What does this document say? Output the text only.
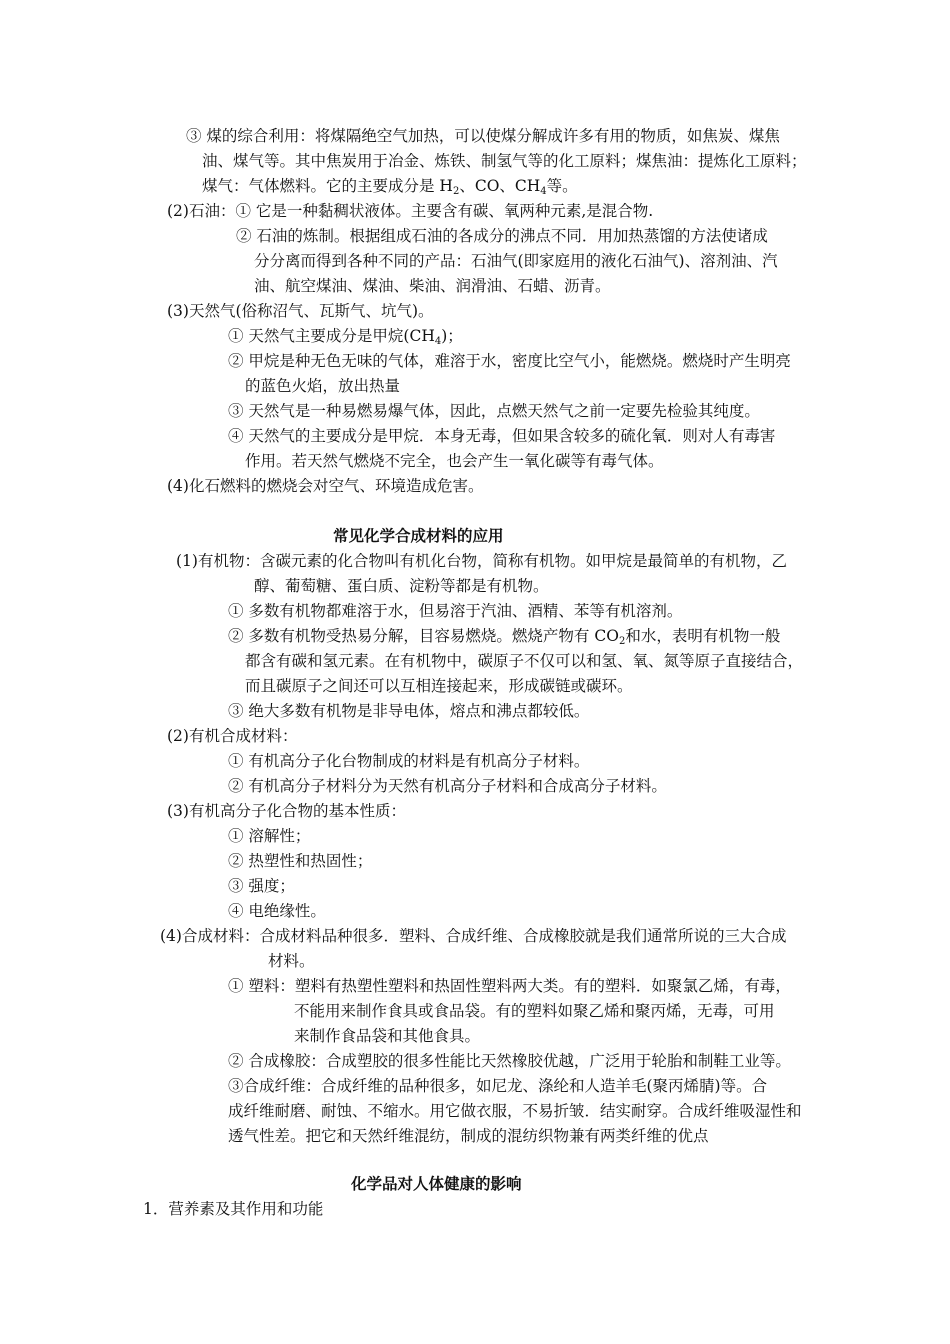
③ 煤的综合利用：将煤隔绝空气加热，可以使煤分解成许多有用的物质，如焦炭、煤焦
油、煤气等。其中焦炭用于冶金、炼铁、制氢气等的化工原料；煤焦油：提炼化工原料；
煤气：气体燃料。它的主要成分是 $H_2$、CO、$CH_4$等。
(2)石油：① 它是一种黏稠状液体。主要含有碳、氧两种元素,是混合物.
② 石油的炼制。根据组成石油的各成分的沸点不同．用加热蒸馏的方法使诸成
分分离而得到各种不同的产品：石油气(即家庭用的液化石油气)、溶剂油、汽
油、航空煤油、煤油、柴油、润滑油、石蜡、沥青。
(3)天然气(俗称沼气、瓦斯气、坑气)。
① 天然气主要成分是甲烷$(CH_4)$；
② 甲烷是种无色无味的气体，难溶于水，密度比空气小，能燃烧。燃烧时产生明亮
的蓝色火焰，放出热量
③ 天然气是一种易燃易爆气体，因此，点燃天然气之前一定要先检验其纯度。
④ 天然气的主要成分是甲烷．本身无毒，但如果含较多的硫化氧．则对人有毒害
作用。若天然气燃烧不完全，也会产生一氧化碳等有毒气体。
(4)化石燃料的燃烧会对空气、环境造成危害。
常见化学合成材料的应用
(1)有机物：含碳元素的化合物叫有机化台物，简称有机物。如甲烷是最简单的有机物，乙
醇、葡萄糖、蛋白质、淀粉等都是有机物。
① 多数有机物都难溶于水，但易溶于汽油、酒精、苯等有机溶剂。
② 多数有机物受热易分解，目容易燃烧。燃烧产物有 $CO_2$和水，表明有机物一般
都含有碳和氢元素。在有机物中，碳原子不仅可以和氢、氧、氮等原子直接结合，
而且碳原子之间还可以互相连接起来，形成碳链或碳环。
③ 绝大多数有机物是非导电体，熔点和沸点都较低。
(2)有机合成材料：
① 有机高分子化台物制成的材料是有机高分子材料。
② 有机高分子材料分为天然有机高分子材料和合成高分子材料。
(3)有机高分子化合物的基本性质：
① 溶解性；
② 热塑性和热固性；
③ 强度；
④ 电绝缘性。
(4)合成材料：合成材料品种很多．塑料、合成纤维、合成橡胶就是我们通常所说的三大合成
材料。
① 塑料：塑料有热塑性塑料和热固性塑料两大类。有的塑料．如聚氯乙烯，有毒，
不能用来制作食具或食品袋。有的塑料如聚乙烯和聚丙烯，无毒，可用
来制作食品袋和其他食具。
② 合成橡胶：合成塑胶的很多性能比天然橡胶优越，广泛用于轮胎和制鞋工业等。
③合成纤维：合成纤维的品种很多，如尼龙、涤纶和人造羊毛(聚丙烯腈)等。合
成纤维耐磨、耐蚀、不缩水。用它做衣服，不易折皱．结实耐穿。合成纤维吸湿性和
透气性差。把它和天然纤维混纺，制成的混纺织物兼有两类纤维的优点
化学品对人体健康的影响
1．营养素及其作用和功能
